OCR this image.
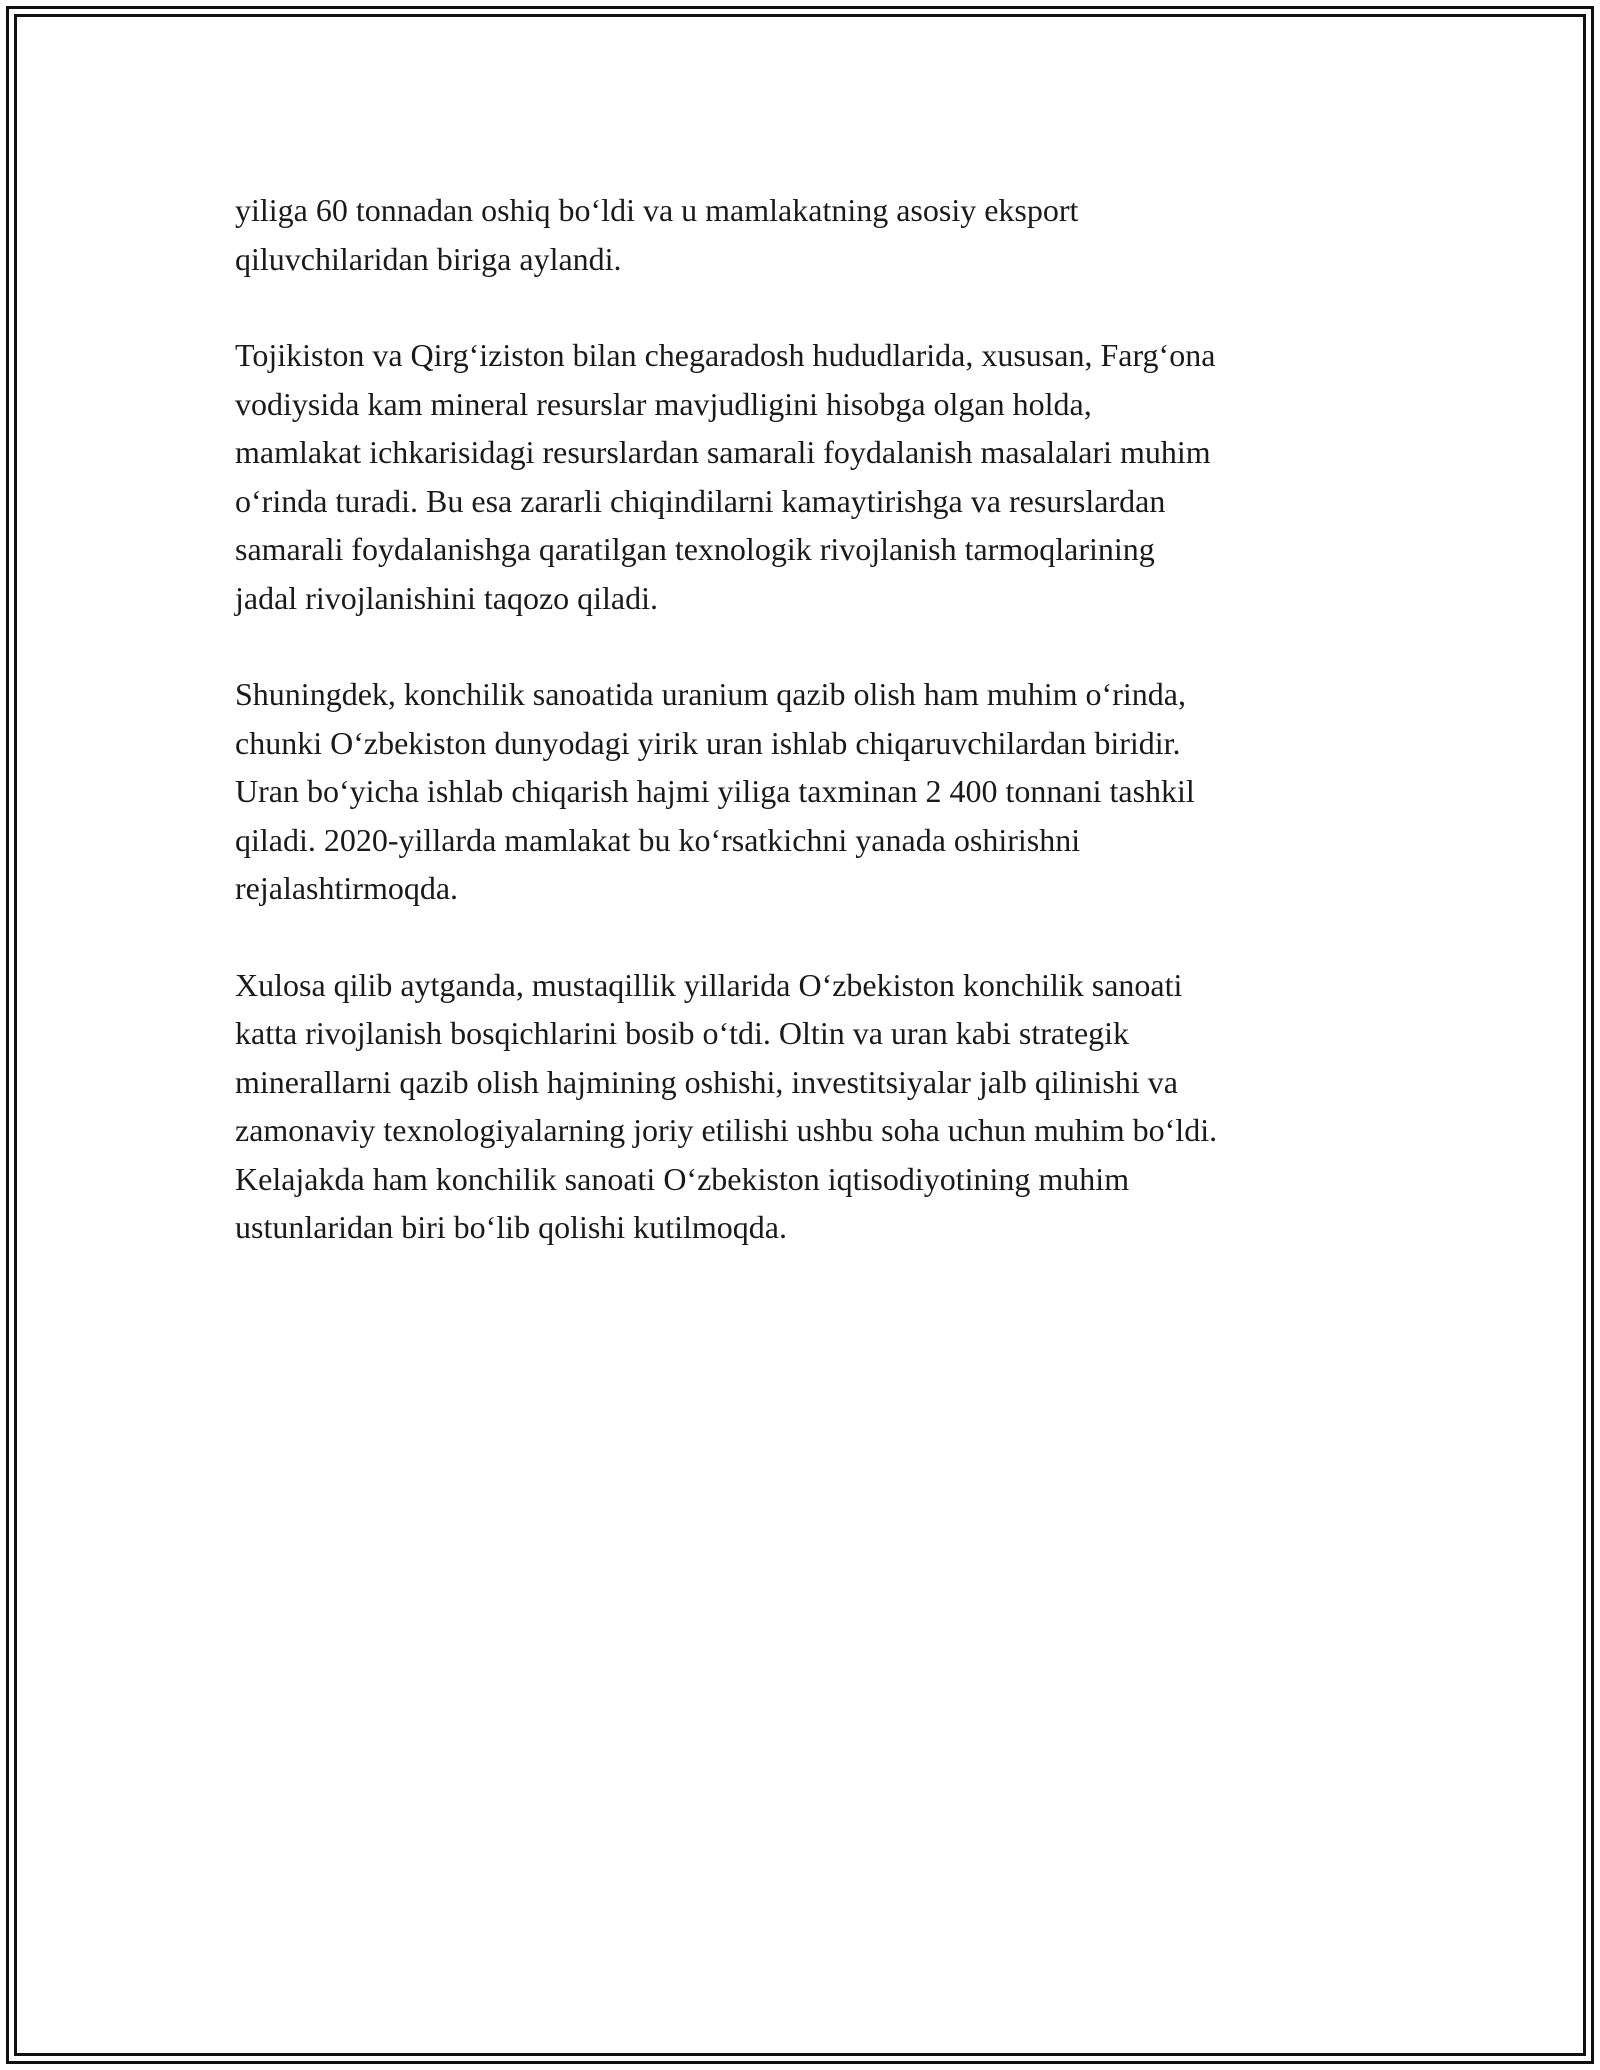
yiliga 60 tonnadan oshiq bo‘ldi va u mamlakatning asosiy eksport
qiluvchilaridan biriga aylandi.

Tojikiston va Qirg‘iziston bilan chegaradosh hududlarida, xususan, Farg‘ona
vodiysida kam mineral resurslar mavjudligini hisobga olgan holda,
mamlakat ichkarisidagi resurslardan samarali foydalanish masalalari muhim
o‘rinda turadi. Bu esa zararli chiqindilarni kamaytirishga va resurslardan
samarali foydalanishga qaratilgan texnologik rivojlanish tarmoqlarining
jadal rivojlanishini taqozo qiladi.

Shuningdek, konchilik sanoatida uranium qazib olish ham muhim o‘rinda,
chunki O‘zbekiston dunyodagi yirik uran ishlab chiqaruvchilardan biridir.
Uran bo‘yicha ishlab chiqarish hajmi yiliga taxminan 2 400 tonnani tashkil
qiladi. 2020-yillarda mamlakat bu ko‘rsatkichni yanada oshirishni
rejalashtirmoqda.

Xulosa qilib aytganda, mustaqillik yillarida O‘zbekiston konchilik sanoati
katta rivojlanish bosqichlarini bosib o‘tdi. Oltin va uran kabi strategik
minerallarni qazib olish hajmining oshishi, investitsiyalar jalb qilinishi va
zamonaviy texnologiyalarning joriy etilishi ushbu soha uchun muhim bo‘ldi.
Kelajakda ham konchilik sanoati O‘zbekiston iqtisodiyotining muhim
ustunlaridan biri bo‘lib qolishi kutilmoqda.
